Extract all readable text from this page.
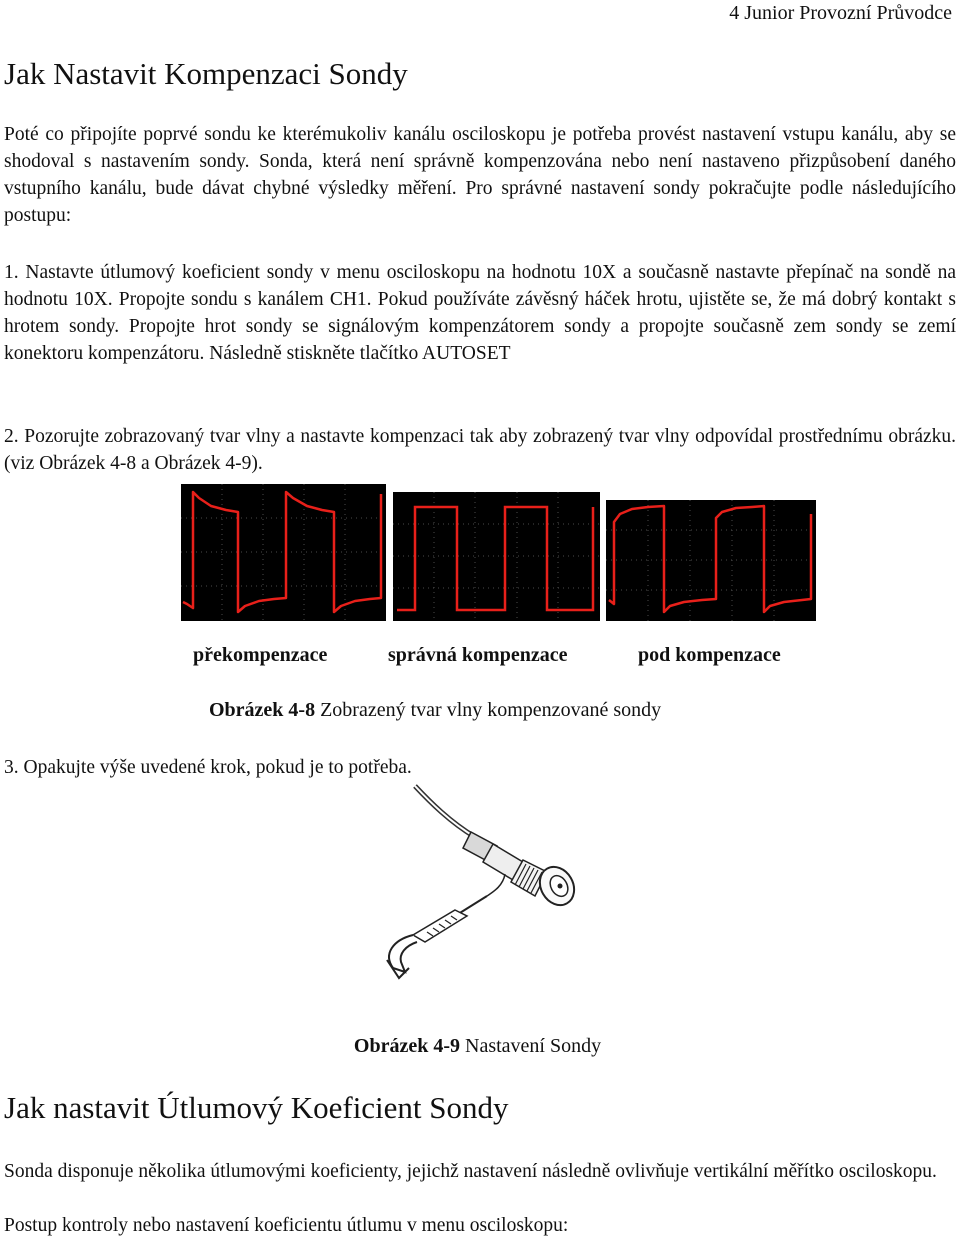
4 Junior Provozní Průvodce
Jak Nastavit Kompenzaci Sondy
Poté co připojíte poprvé sondu ke kterémukoliv kanálu osciloskopu je potřeba provést nastavení vstupu kanálu, aby se shodoval s nastavením sondy. Sonda, která není správně kompenzována nebo není nastaveno přizpůsobení daného vstupního kanálu, bude dávat chybné výsledky měření. Pro správné nastavení sondy pokračujte podle následujícího postupu:
1. Nastavte útlumový koeficient sondy v menu osciloskopu na hodnotu 10X a současně nastavte přepínač na sondě na hodnotu 10X. Propojte sondu s kanálem CH1. Pokud používáte závěsný háček hrotu, ujistěte se, že má dobrý kontakt s hrotem sondy. Propojte hrot sondy se signálovým kompenzátorem sondy a propojte současně zem sondy se zemí konektoru kompenzátoru. Následně stiskněte tlačítko AUTOSET
2. Pozorujte zobrazovaný tvar vlny a nastavte kompenzaci tak aby zobrazený tvar vlny odpovídal prostřednímu obrázku. (viz Obrázek 4-8 a Obrázek 4-9).
překompenzace	správná kompenzace	pod kompenzace
Obrázek 4-8 Zobrazený tvar vlny kompenzované sondy
3. Opakujte výše uvedené krok, pokud je to potřeba.
Obrázek 4-9 Nastavení Sondy
Jak nastavit Útlumový Koeficient Sondy
Sonda disponuje několika útlumovými koeficienty, jejichž nastavení následně ovlivňuje vertikální měřítko osciloskopu.
Postup kontroly nebo nastavení koeficientu útlumu v menu osciloskopu:
